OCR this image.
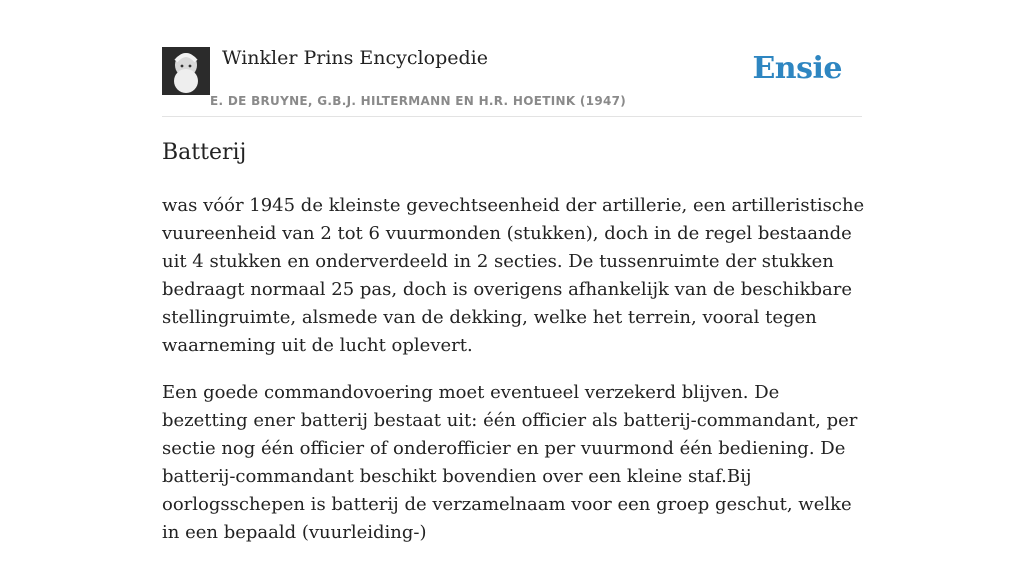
Winkler Prins Encyclopedie
E. DE BRUYNE, G.B.J. HILTERMANN EN H.R. HOETINK (1947)
Ensie
Batterij

was vóór 1945 de kleinste gevechtseenheid der artillerie, een artilleristische vuureenheid van 2 tot 6 vuurmonden (stukken), doch in de regel bestaande uit 4 stukken en onderverdeeld in 2 secties. De tussenruimte der stukken bedraagt normaal 25 pas, doch is overigens afhankelijk van de beschikbare stellingruimte, alsmede van de dekking, welke het terrein, vooral tegen waarneming uit de lucht oplevert.

Een goede commandovoering moet eventueel verzekerd blijven. De bezetting ener batterij bestaat uit: één officier als batterij-commandant, per sectie nog één officier of onderofficier en per vuurmond één bediening. De batterij-commandant beschikt bovendien over een kleine staf.Bij oorlogsschepen is batterij de verzamelnaam voor een groep geschut, welke in een bepaald (vuurleiding-)
